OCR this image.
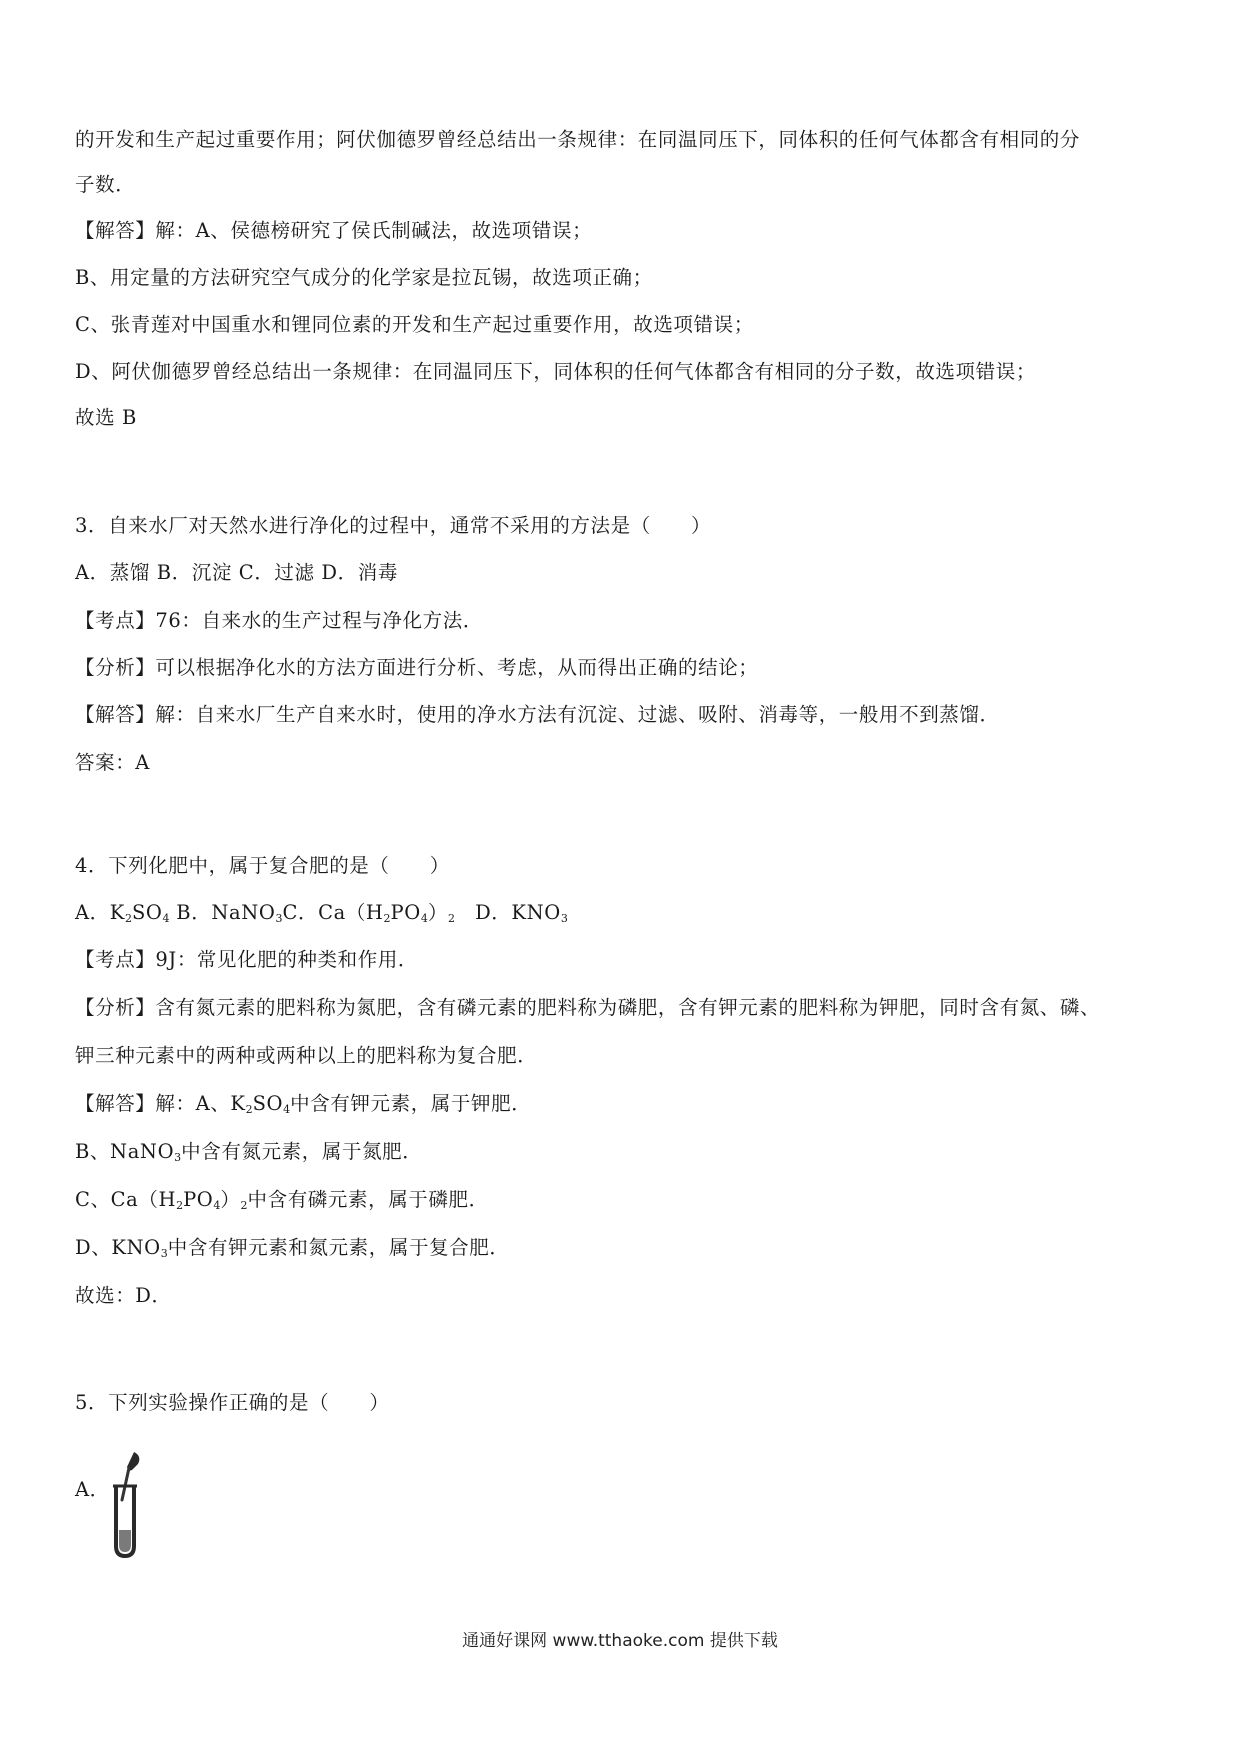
的开发和生产起过重要作用；阿伏伽德罗曾经总结出一条规律：在同温同压下，同体积的任何气体都含有相同的分
子数．
【解答】解：A、侯德榜研究了侯氏制碱法，故选项错误；
B、用定量的方法研究空气成分的化学家是拉瓦锡，故选项正确；
C、张青莲对中国重水和锂同位素的开发和生产起过重要作用，故选项错误；
D、阿伏伽德罗曾经总结出一条规律：在同温同压下，同体积的任何气体都含有相同的分子数，故选项错误；
故选 B
3．自来水厂对天然水进行净化的过程中，通常不采用的方法是（　　）
A．蒸馏 B．沉淀 C．过滤 D．消毒
【考点】76：自来水的生产过程与净化方法．
【分析】可以根据净化水的方法方面进行分析、考虑，从而得出正确的结论；
【解答】解：自来水厂生产自来水时，使用的净水方法有沉淀、过滤、吸附、消毒等，一般用不到蒸馏．
答案：A
4．下列化肥中，属于复合肥的是（　　）
A．$K_2SO_4$ B．NaNO$_3$C．$Ca(H_2PO_4)_2$　D．$KNO_3$
【考点】9J：常见化肥的种类和作用．
【分析】含有氮元素的肥料称为氮肥，含有磷元素的肥料称为磷肥，含有钾元素的肥料称为钾肥，同时含有氮、磷、
钾三种元素中的两种或两种以上的肥料称为复合肥．
【解答】解：A、$K_2SO_4$中含有钾元素，属于钾肥．
B、NaNO$_3$中含有氮元素，属于氮肥．
C、$Ca(H_2PO_4)_2$中含有磷元素，属于磷肥．
D、$KNO_3$中含有钾元素和氮元素，属于复合肥．
故选：D．
5．下列实验操作正确的是（　　）
A．
通通好课网 www.tthaoke.com 提供下载
